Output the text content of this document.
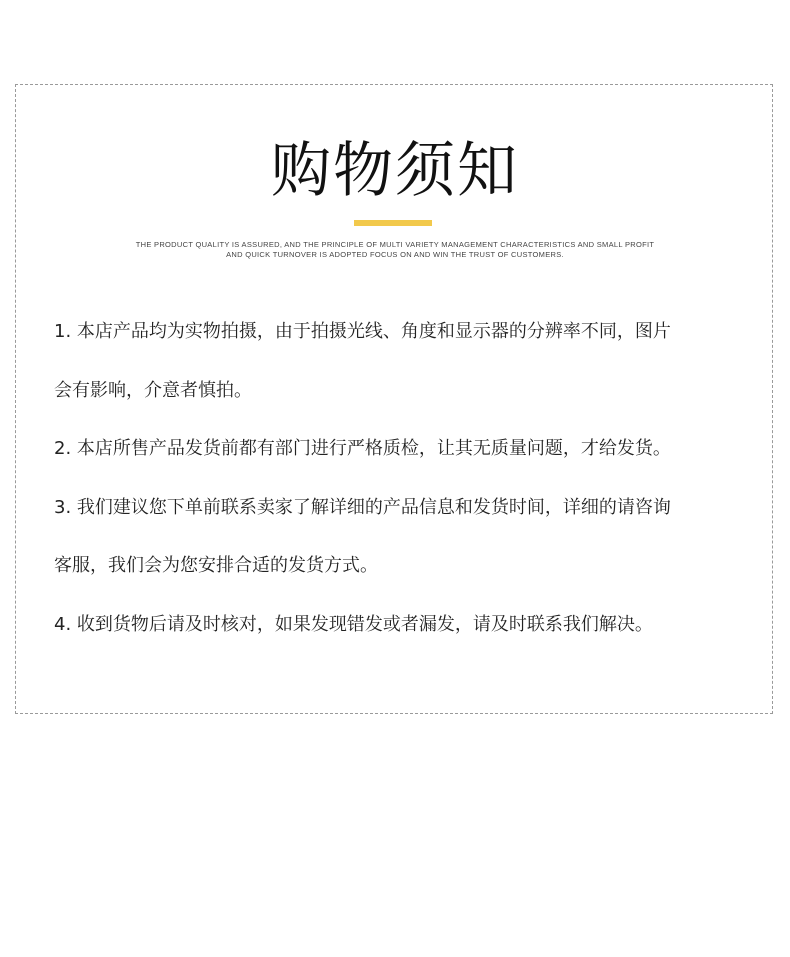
购物须知
THE PRODUCT QUALITY IS ASSURED, AND THE PRINCIPLE OF MULTI VARIETY MANAGEMENT CHARACTERISTICS AND SMALL PROFIT
AND QUICK TURNOVER IS ADOPTED FOCUS ON AND WIN THE TRUST OF CUSTOMERS.
1. 本店产品均为实物拍摄，由于拍摄光线、角度和显示器的分辨率不同，图片
会有影响，介意者慎拍。
2. 本店所售产品发货前都有部门进行严格质检，让其无质量问题，才给发货。
3. 我们建议您下单前联系卖家了解详细的产品信息和发货时间，详细的请咨询
客服，我们会为您安排合适的发货方式。
4. 收到货物后请及时核对，如果发现错发或者漏发，请及时联系我们解决。
